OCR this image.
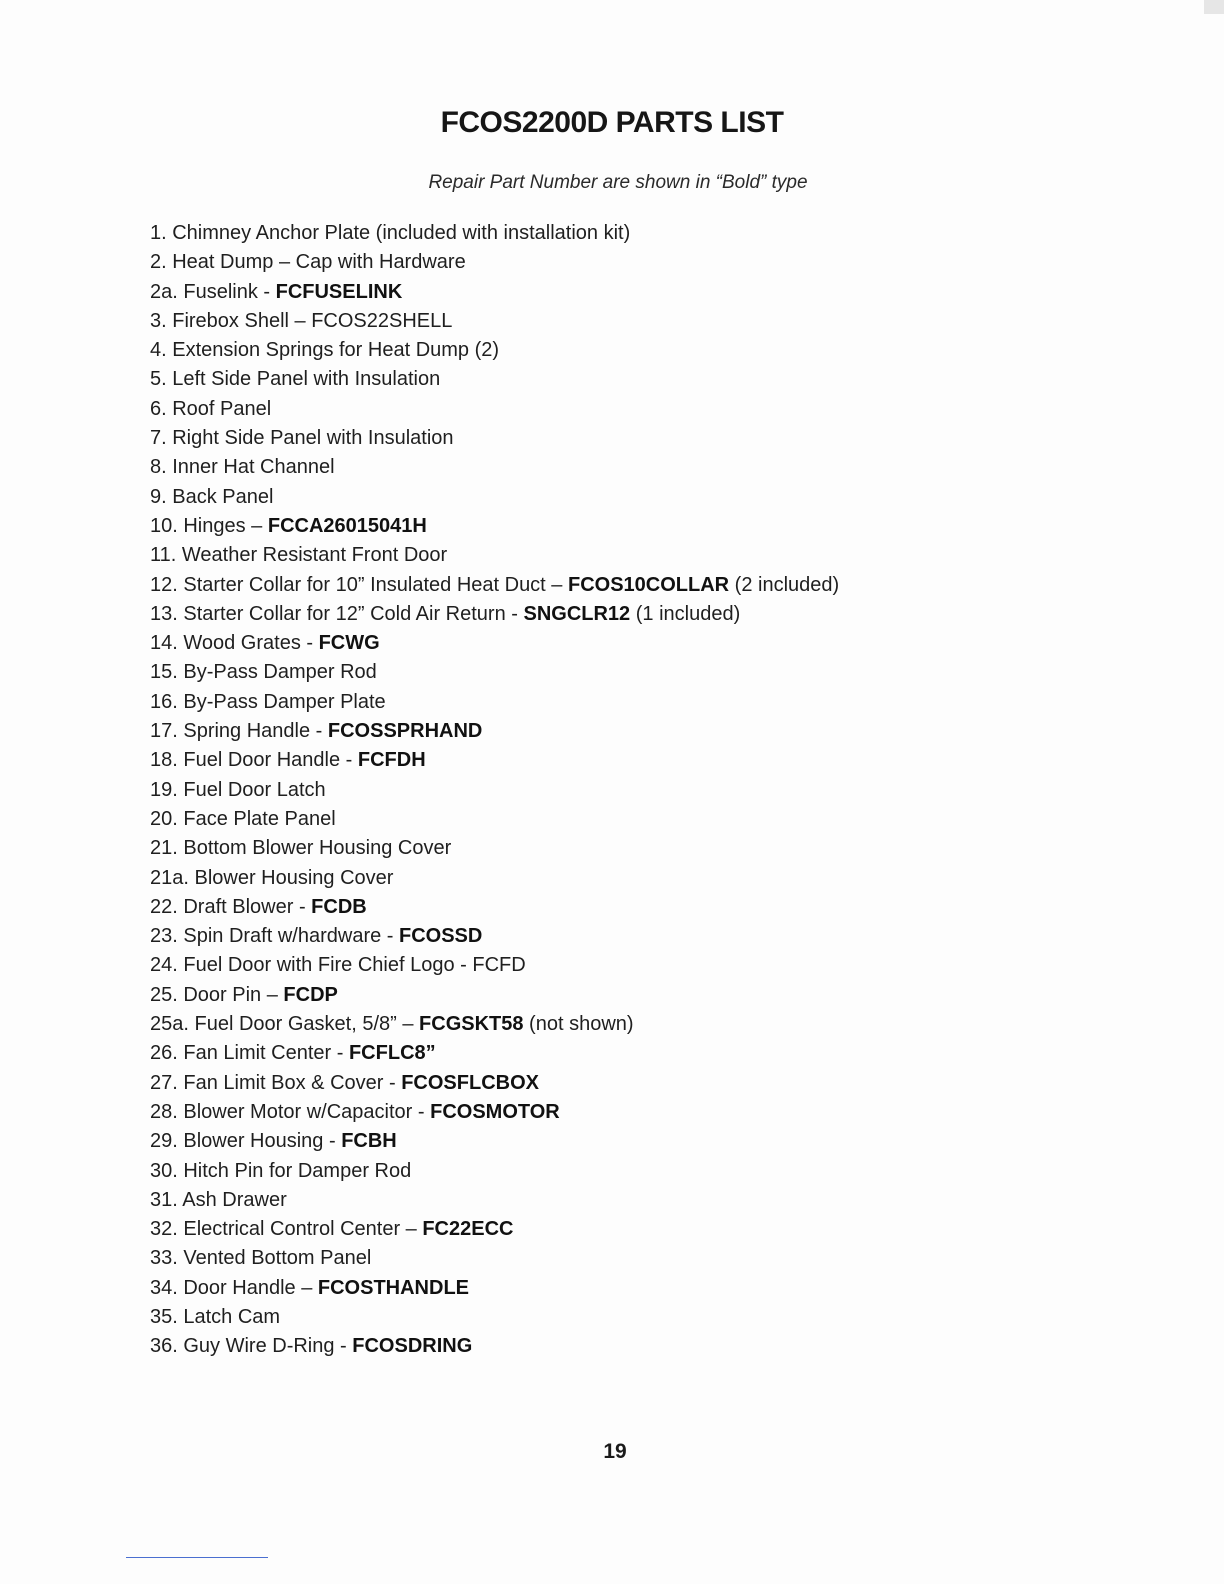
FCOS2200D PARTS LIST
Repair Part Number are shown in “Bold” type
1. Chimney Anchor Plate (included with installation kit)
2. Heat Dump – Cap with Hardware
2a. Fuselink - FCFUSELINK
3. Firebox Shell – FCOS22SHELL
4. Extension Springs for Heat Dump (2)
5. Left Side Panel with Insulation
6. Roof Panel
7. Right Side Panel with Insulation
8. Inner Hat Channel
9. Back Panel
10. Hinges – FCCA26015041H
11. Weather Resistant Front Door
12. Starter Collar for 10” Insulated Heat Duct – FCOS10COLLAR (2 included)
13. Starter Collar for 12” Cold Air Return - SNGCLR12 (1 included)
14. Wood Grates - FCWG
15. By-Pass Damper Rod
16. By-Pass Damper Plate
17. Spring Handle - FCOSSPRHAND
18. Fuel Door Handle - FCFDH
19. Fuel Door Latch
20. Face Plate Panel
21. Bottom Blower Housing Cover
21a. Blower Housing Cover
22. Draft Blower - FCDB
23. Spin Draft w/hardware - FCOSSD
24. Fuel Door with Fire Chief Logo - FCFD
25. Door Pin – FCDP
25a. Fuel Door Gasket, 5/8” – FCGSKT58 (not shown)
26. Fan Limit Center - FCFLC8”
27. Fan Limit Box & Cover - FCOSFLCBOX
28. Blower Motor w/Capacitor - FCOSMOTOR
29. Blower Housing - FCBH
30. Hitch Pin for Damper Rod
31. Ash Drawer
32. Electrical Control Center – FC22ECC
33. Vented Bottom Panel
34. Door Handle – FCOSTHANDLE
35. Latch Cam
36. Guy Wire D-Ring - FCOSDRING
19
